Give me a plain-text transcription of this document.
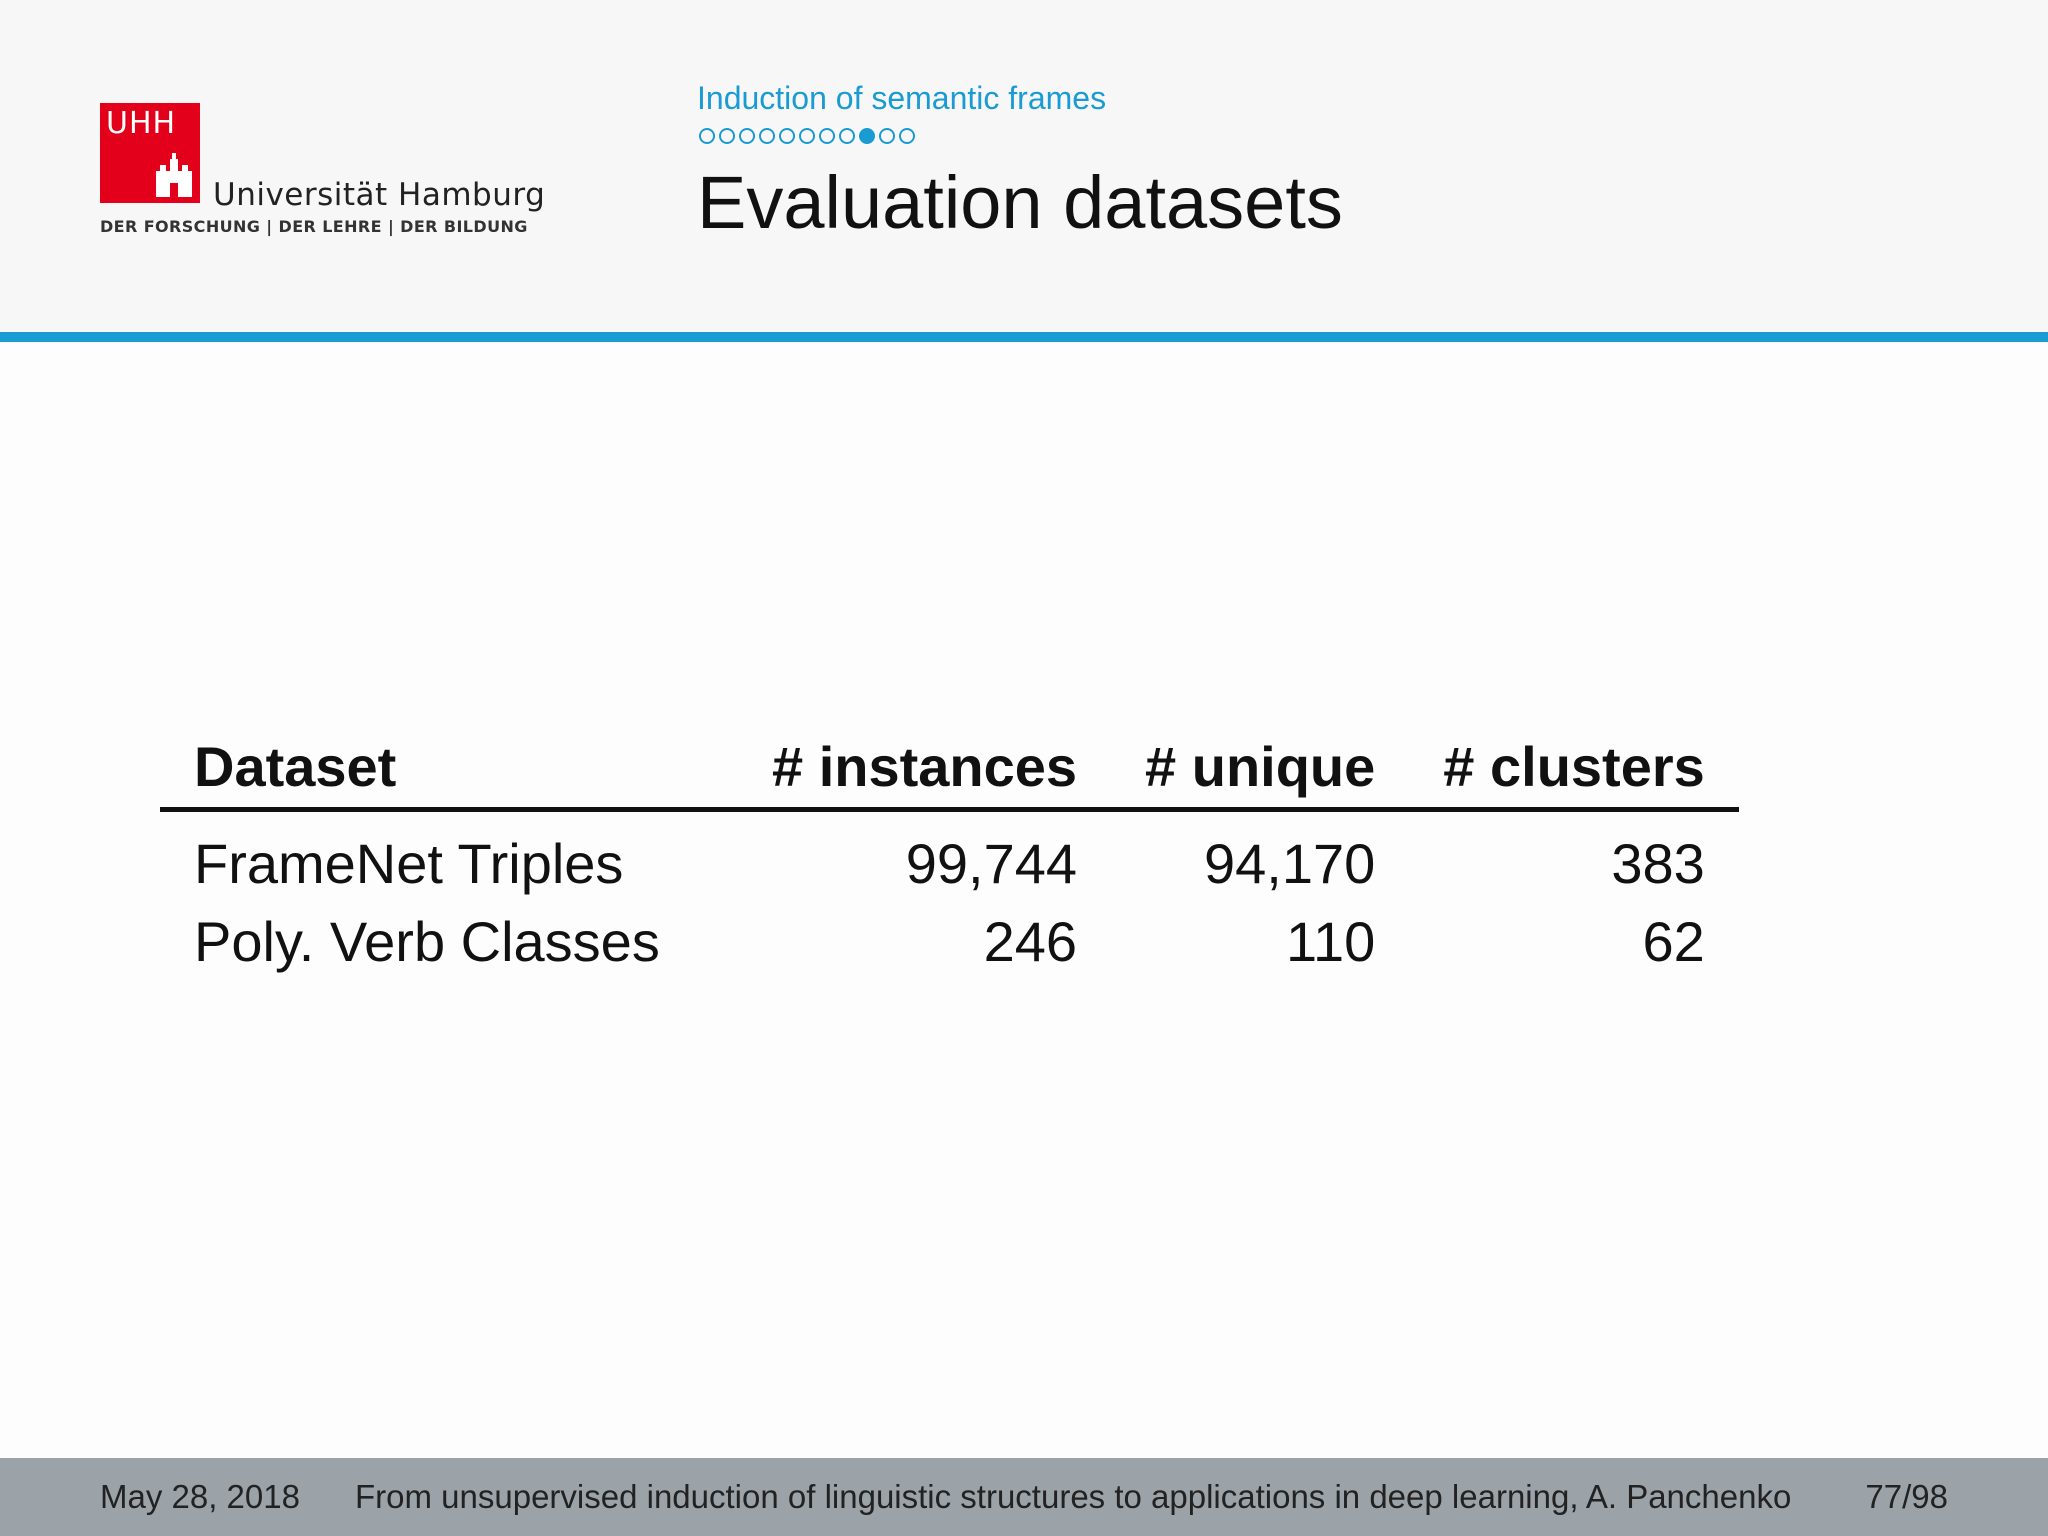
UHH
Universität Hamburg
DER FORSCHUNG | DER LEHRE | DER BILDUNG
Induction of semantic frames
Evaluation datasets
Dataset	# instances	# unique	# clusters
FrameNet Triples	99,744	94,170	383
Poly. Verb Classes	246	110	62
May 28, 2018 From unsupervised induction of linguistic structures to applications in deep learning, A. Panchenko 77/98
